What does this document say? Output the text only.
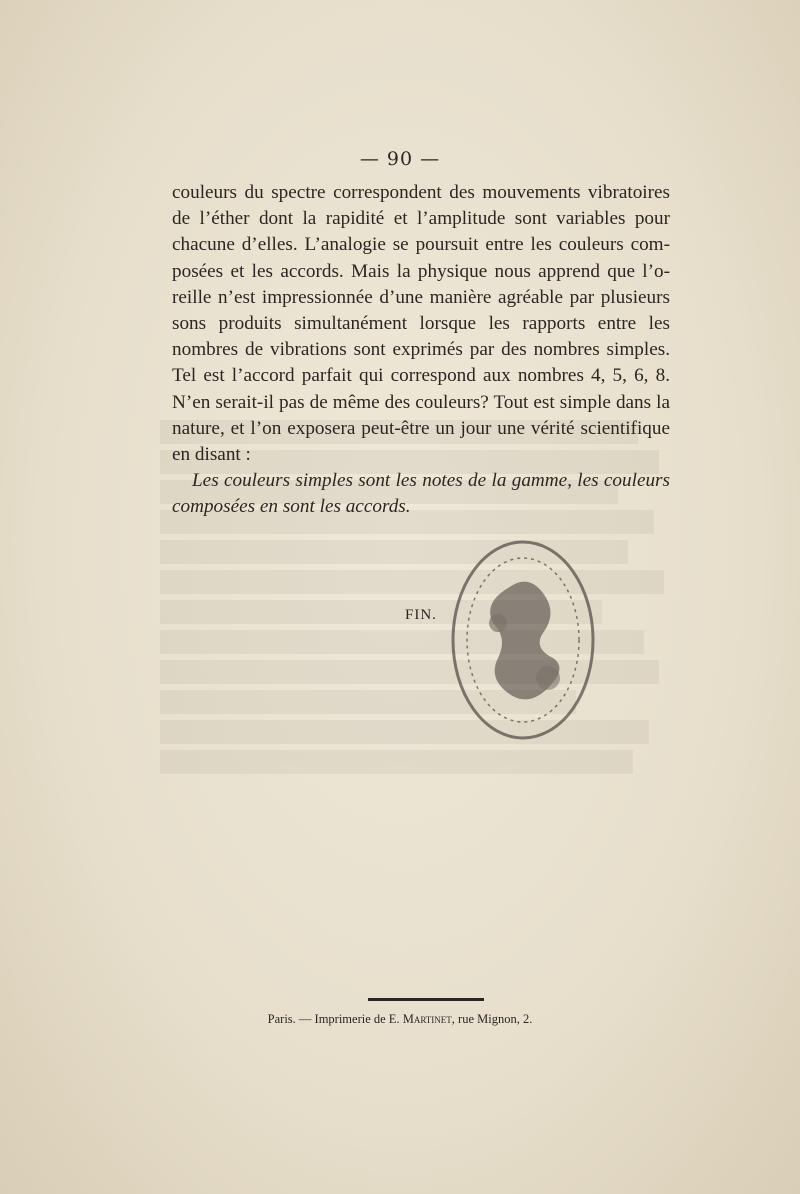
— 90 —
couleurs du spectre correspondent des mouvements vibratoires
de l’éther dont la rapidité et l’amplitude sont variables pour
chacune d’elles. L’analogie se poursuit entre les couleurs com-
posées et les accords. Mais la physique nous apprend que l’o-
reille n’est impressionnée d’une manière agréable par plusieurs
sons produits simultanément lorsque les rapports entre les
nombres de vibrations sont exprimés par des nombres simples.
Tel est l’accord parfait qui correspond aux nombres 4, 5, 6, 8.
N’en serait-il pas de même des couleurs? Tout est simple dans la
nature, et l’on exposera peut-être un jour une vérité scientifique
en disant :
Les couleurs simples sont les notes de la gamme, les couleurs
composées en sont les accords.
FIN.
Paris. — Imprimerie de E. Martinet, rue Mignon, 2.
